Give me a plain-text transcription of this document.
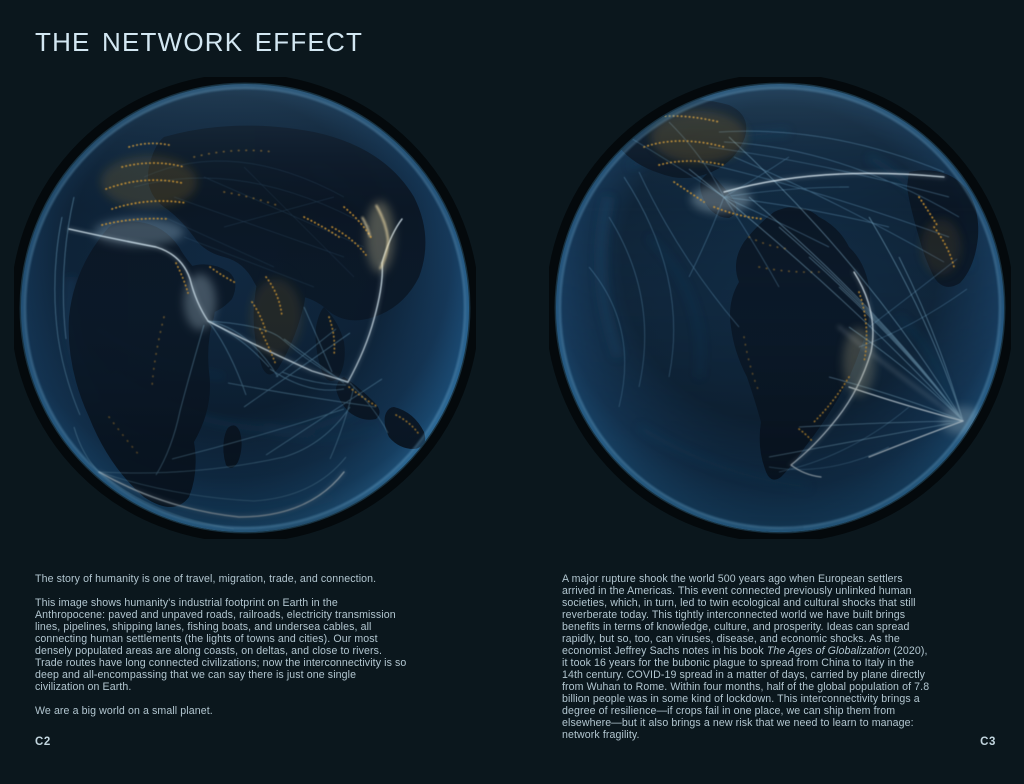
THE NETWORK EFFECT

The story of humanity is one of travel, migration, trade, and connection.

This image shows humanity's industrial footprint on Earth in the Anthropocene: paved and unpaved roads, railroads, electricity transmission lines, pipelines, shipping lanes, fishing boats, and undersea cables, all connecting human settlements (the lights of towns and cities). Our most densely populated areas are along coasts, on deltas, and close to rivers. Trade routes have long connected civilizations; now the interconnectivity is so deep and all-encompassing that we can say there is just one single civilization on Earth.

We are a big world on a small planet.

A major rupture shook the world 500 years ago when European settlers arrived in the Americas. This event connected previously unlinked human societies, which, in turn, led to twin ecological and cultural shocks that still reverberate today. This tightly interconnected world we have built brings benefits in terms of knowledge, culture, and prosperity. Ideas can spread rapidly, but so, too, can viruses, disease, and economic shocks. As the economist Jeffrey Sachs notes in his book The Ages of Globalization (2020), it took 16 years for the bubonic plague to spread from China to Italy in the 14th century. COVID-19 spread in a matter of days, carried by plane directly from Wuhan to Rome. Within four months, half of the global population of 7.8 billion people was in some kind of lockdown. This interconnectivity brings a degree of resilience—if crops fail in one place, we can ship them from elsewhere—but it also brings a new risk that we need to learn to manage: network fragility.

C2	C3
